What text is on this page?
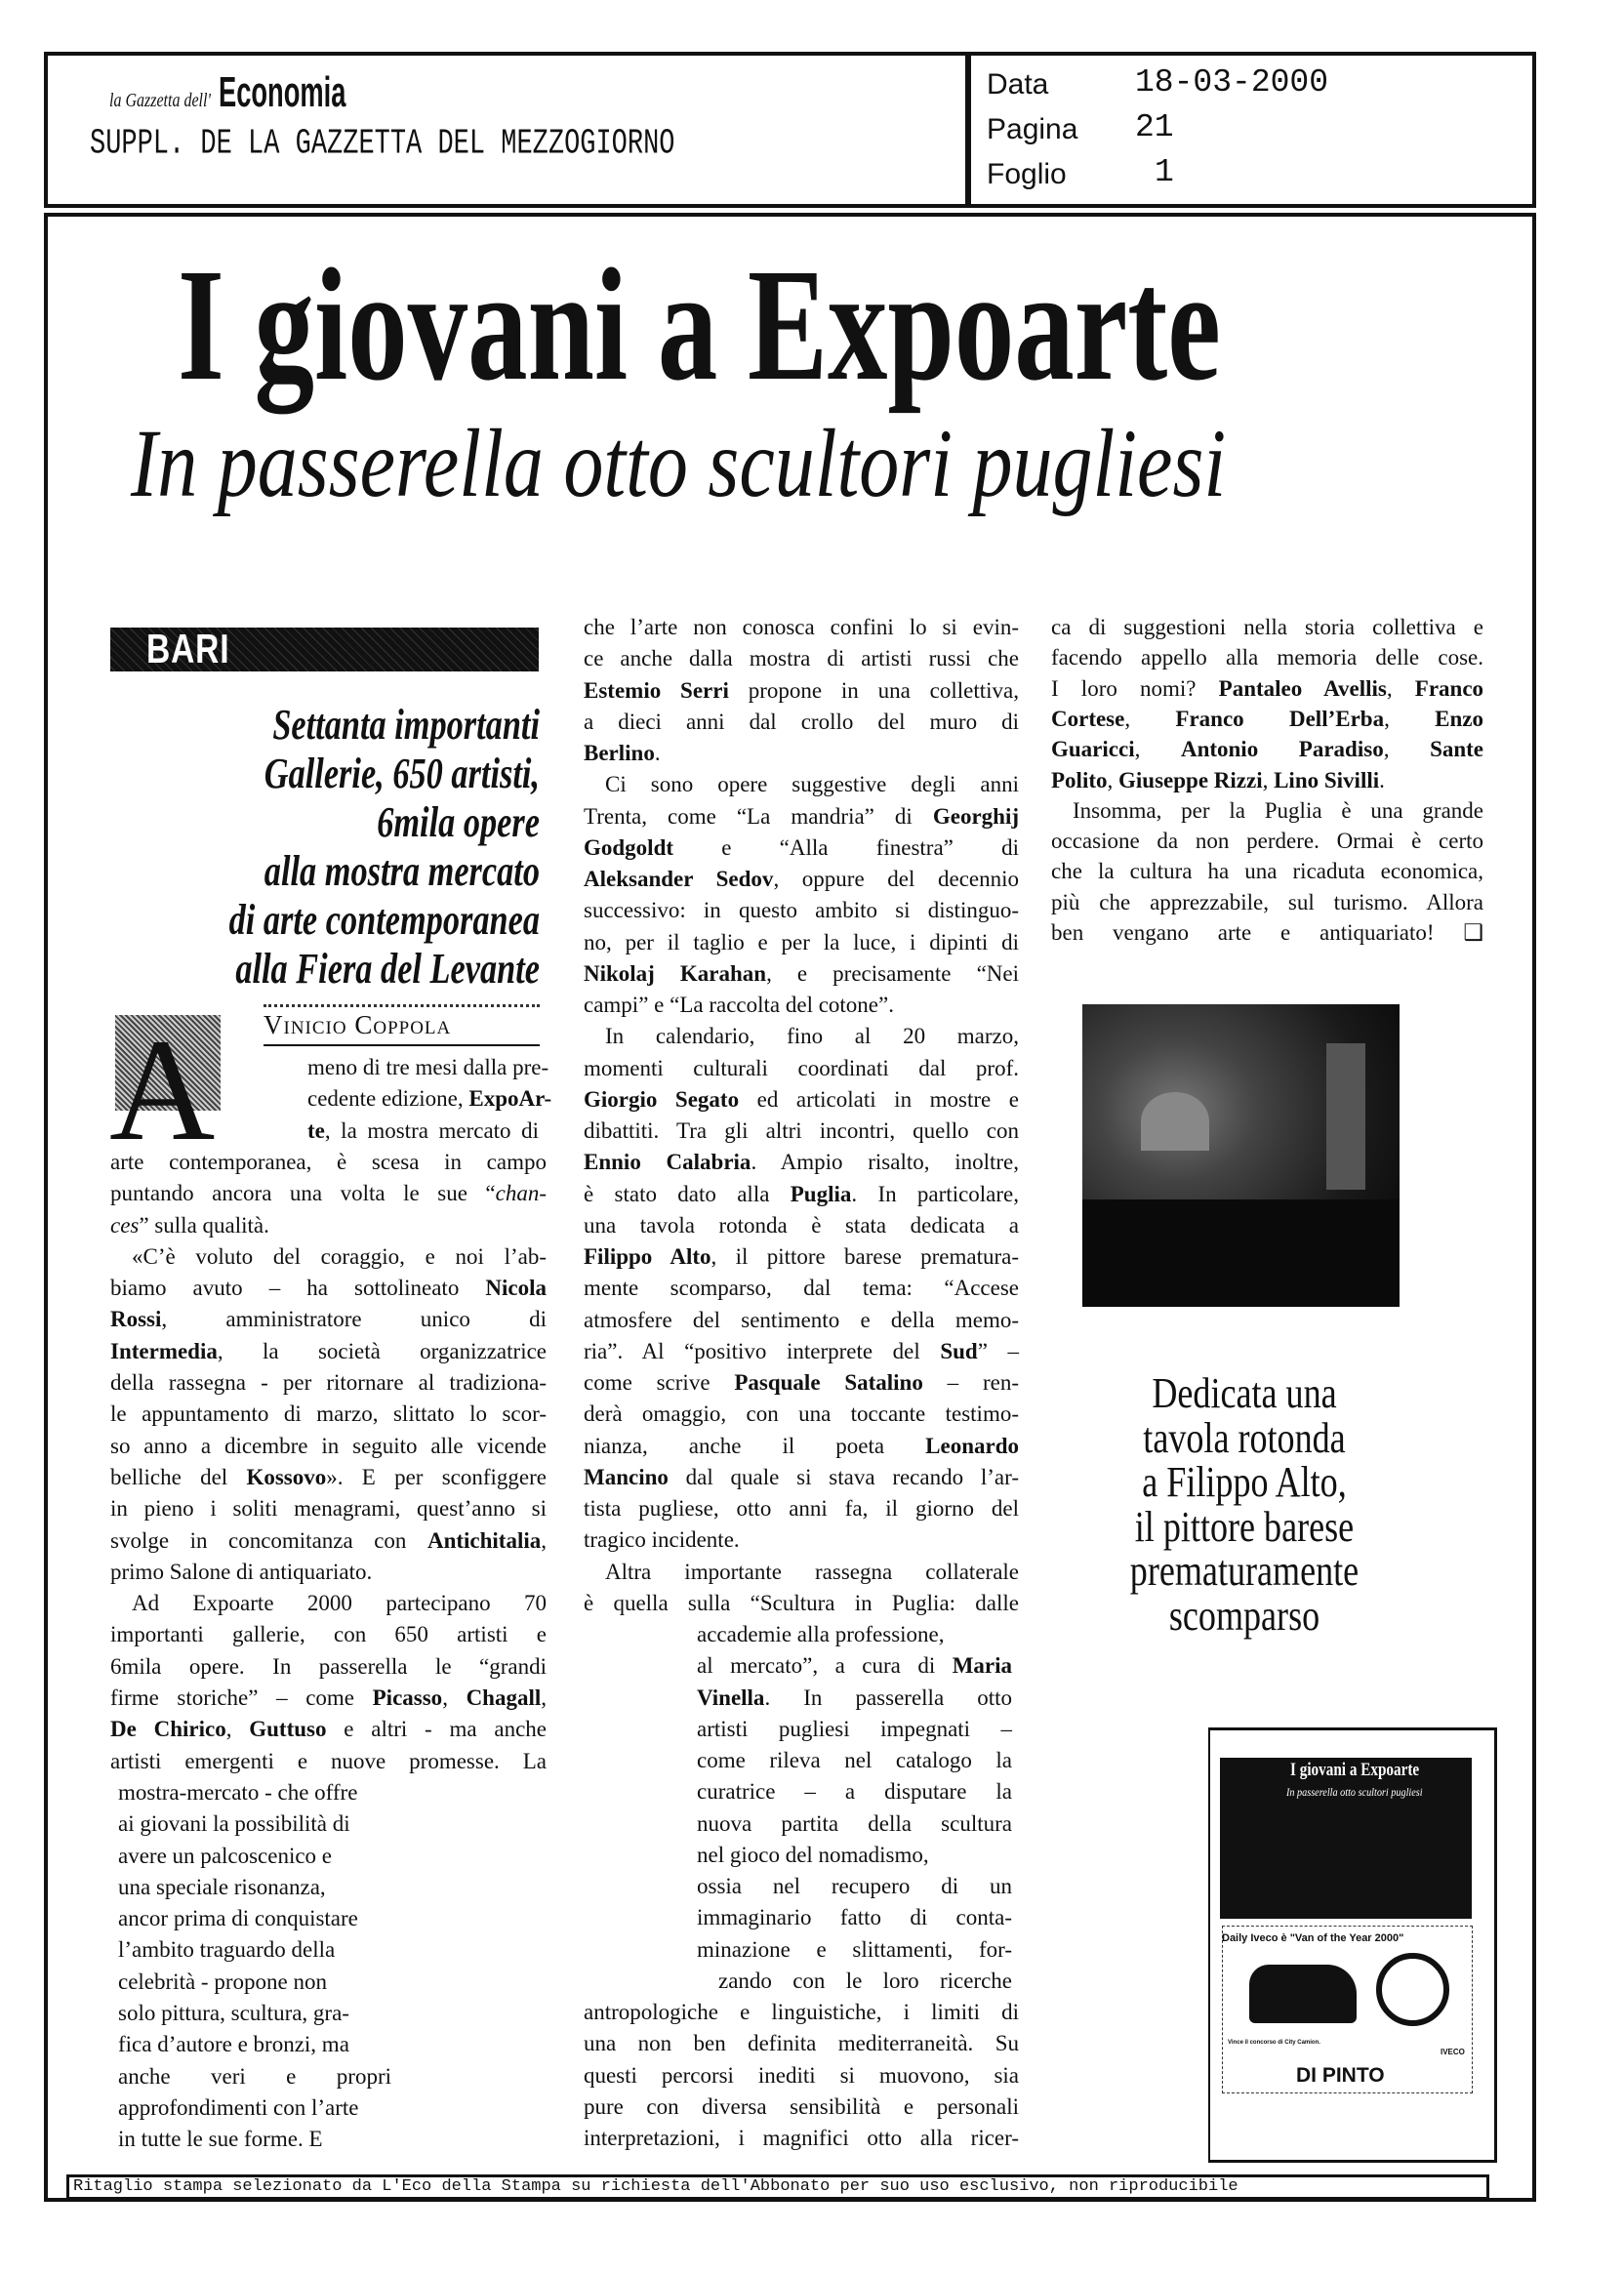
la Gazzetta dell' Economia
SUPPL. DE LA GAZZETTA DEL MEZZOGIORNO
Data	18-03-2000
Pagina 21
Foglio	1
I giovani a Expoarte
In passerella otto scultori pugliesi
BARI
Settanta importanti
Gallerie, 650 artisti,
6mila opere
alla mostra mercato
di arte contemporanea
alla Fiera del Levante
Vinicio Coppola
A	meno di tre mesi dalla pre-
cedente edizione, ExpoAr-
te, la mostra mercato di
arte contemporanea, è scesa in campo
puntando ancora una volta le sue “chan-
ces” sulla qualità.
«C’è voluto del coraggio, e noi l’ab-
biamo avuto – ha sottolineato Nicola
Rossi, amministratore unico di
Intermedia, la società organizzatrice
della rassegna - per ritornare al tradiziona-
le appuntamento di marzo, slittato lo scor-
so anno a dicembre in seguito alle vicende
belliche del Kossovo». E per sconfiggere
in pieno i soliti menagrami, quest’anno si
svolge in concomitanza con Antichitalia,
primo Salone di antiquariato.
Ad Expoarte 2000 partecipano 70
importanti gallerie, con 650 artisti e
6mila opere. In passerella le “grandi
firme storiche” – come Picasso, Chagall,
De Chirico, Guttuso e altri - ma anche
artisti emergenti e nuove promesse. La
mostra-mercato - che offre
ai giovani la possibilità di
avere un palcoscenico e
una speciale risonanza,
ancor prima di conquistare
l’ambito traguardo della
celebrità - propone non
solo pittura, scultura, gra-
fica d’autore e bronzi, ma
anche veri e propri
approfondimenti con l’arte
in tutte le sue forme. E
che l’arte non conosca confini lo si evin-
ce anche dalla mostra di artisti russi che
Estemio Serri propone in una collettiva,
a dieci anni dal crollo del muro di
Berlino.
Ci sono opere suggestive degli anni
Trenta, come “La mandria” di Georghij
Godgoldt e “Alla finestra” di
Aleksander Sedov, oppure del decennio
successivo: in questo ambito si distinguo-
no, per il taglio e per la luce, i dipinti di
Nikolaj Karahan, e precisamente “Nei
campi” e “La raccolta del cotone”.
In calendario, fino al 20 marzo,
momenti culturali coordinati dal prof.
Giorgio Segato ed articolati in mostre e
dibattiti. Tra gli altri incontri, quello con
Ennio Calabria. Ampio risalto, inoltre,
è stato dato alla Puglia. In particolare,
una tavola rotonda è stata dedicata a
Filippo Alto, il pittore barese prematura-
mente scomparso, dal tema: “Accese
atmosfere del sentimento e della memo-
ria”. Al “positivo interprete del Sud” –
come scrive Pasquale Satalino – ren-
derà omaggio, con una toccante testimo-
nianza, anche il poeta Leonardo
Mancino dal quale si stava recando l’ar-
tista pugliese, otto anni fa, il giorno del
tragico incidente.
Altra importante rassegna collaterale
è quella sulla “Scultura in Puglia: dalle
accademie alla professione,
al mercato”, a cura di Maria
Vinella. In passerella otto
artisti pugliesi impegnati –
come rileva nel catalogo la
curatrice – a disputare la
nuova partita della scultura
nel gioco del nomadismo,
ossia nel recupero di un
immaginario fatto di conta-
minazione e slittamenti, for-
zando con le loro ricerche
antropologiche e linguistiche, i limiti di
una non ben definita mediterraneità. Su
questi percorsi inediti si muovono, sia
pure con diversa sensibilità e personali
interpretazioni, i magnifici otto alla ricer-
ca di suggestioni nella storia collettiva e
facendo appello alla memoria delle cose.
I loro nomi? Pantaleo Avellis, Franco
Cortese, Franco Dell’Erba, Enzo
Guaricci, Antonio Paradiso, Sante
Polito, Giuseppe Rizzi, Lino Sivilli.
Insomma, per la Puglia è una grande
occasione da non perdere. Ormai è certo
che la cultura ha una ricaduta economica,
più che apprezzabile, sul turismo. Allora
ben vengano arte e antiquariato! ❑
Dedicata una
tavola rotonda
a Filippo Alto,
il pittore barese
prematuramente
scomparso
I giovani a Expoarte
In passerella otto scultori pugliesi
Daily Iveco è "Van of the Year 2000"
Vince il concorso di City Camion.
IVECO
DI PINTO
Ritaglio stampa selezionato da L'Eco della Stampa su richiesta dell'Abbonato per suo uso esclusivo, non riproducibile
